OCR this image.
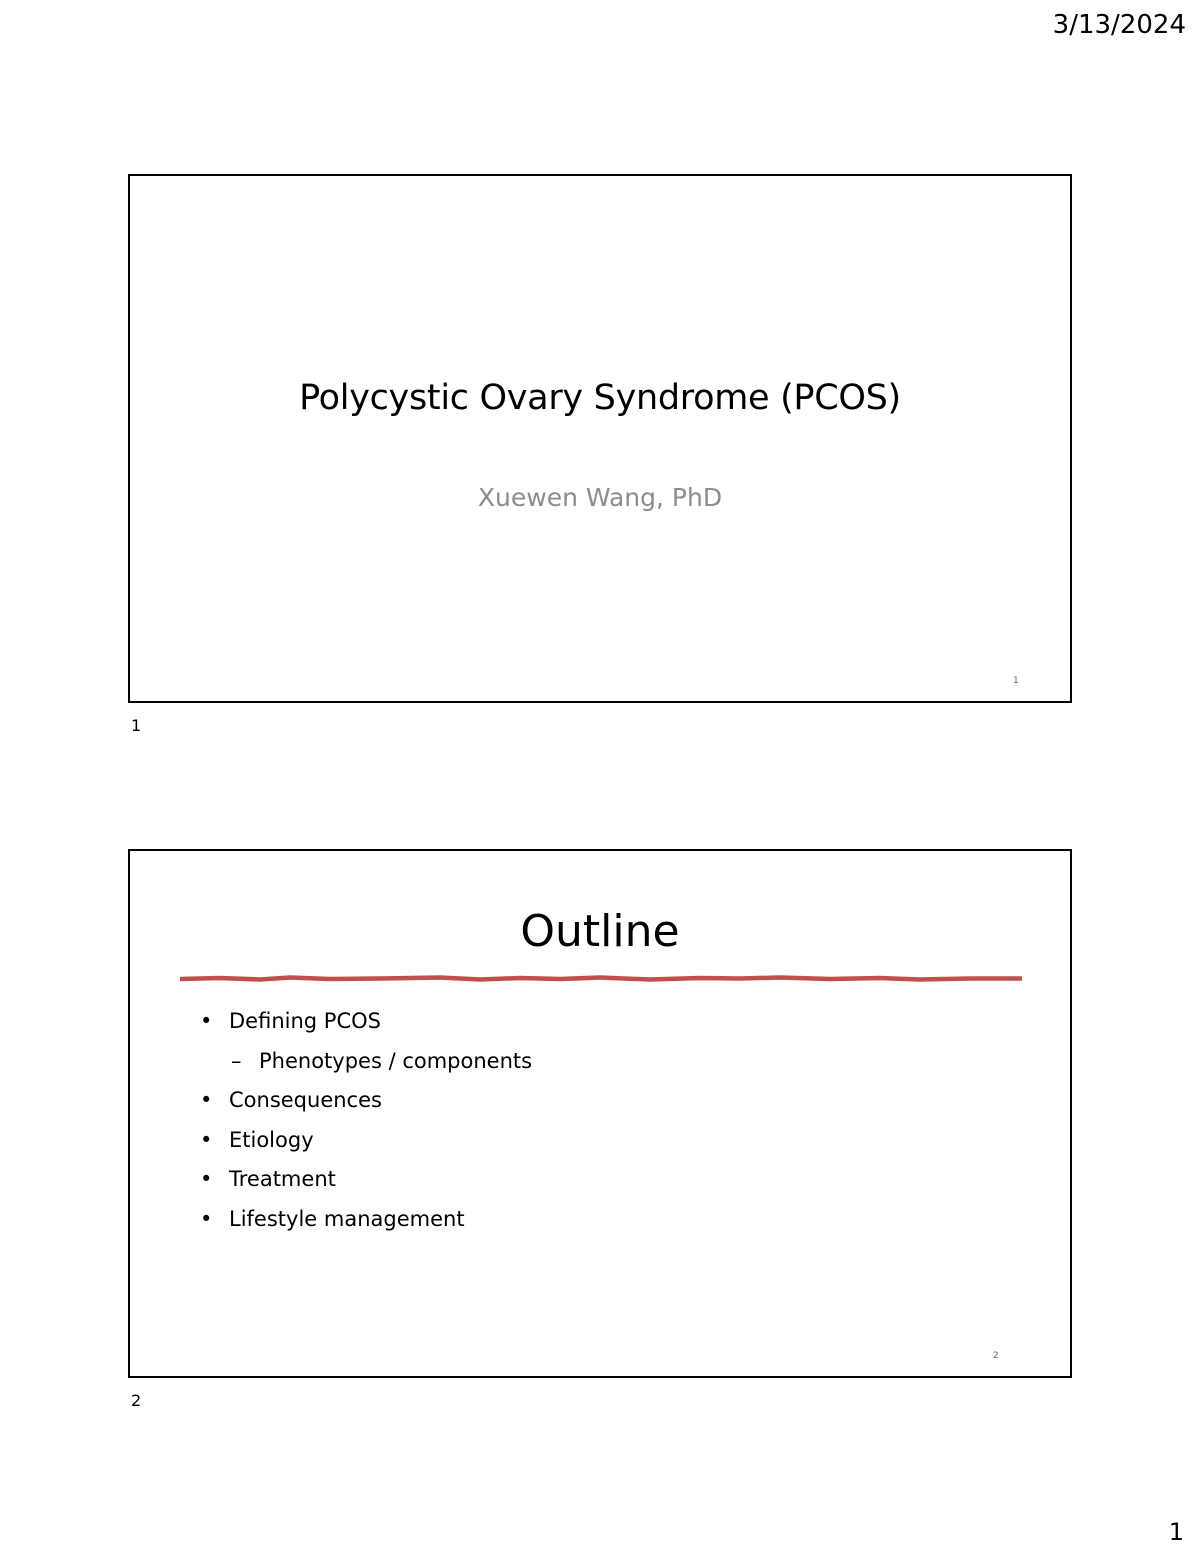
3/13/2024
Polycystic Ovary Syndrome (PCOS)
Xuewen Wang, PhD
1
1
Outline
• Defining PCOS
– Phenotypes / components
• Consequences
• Etiology
• Treatment
• Lifestyle management
2
2
1
